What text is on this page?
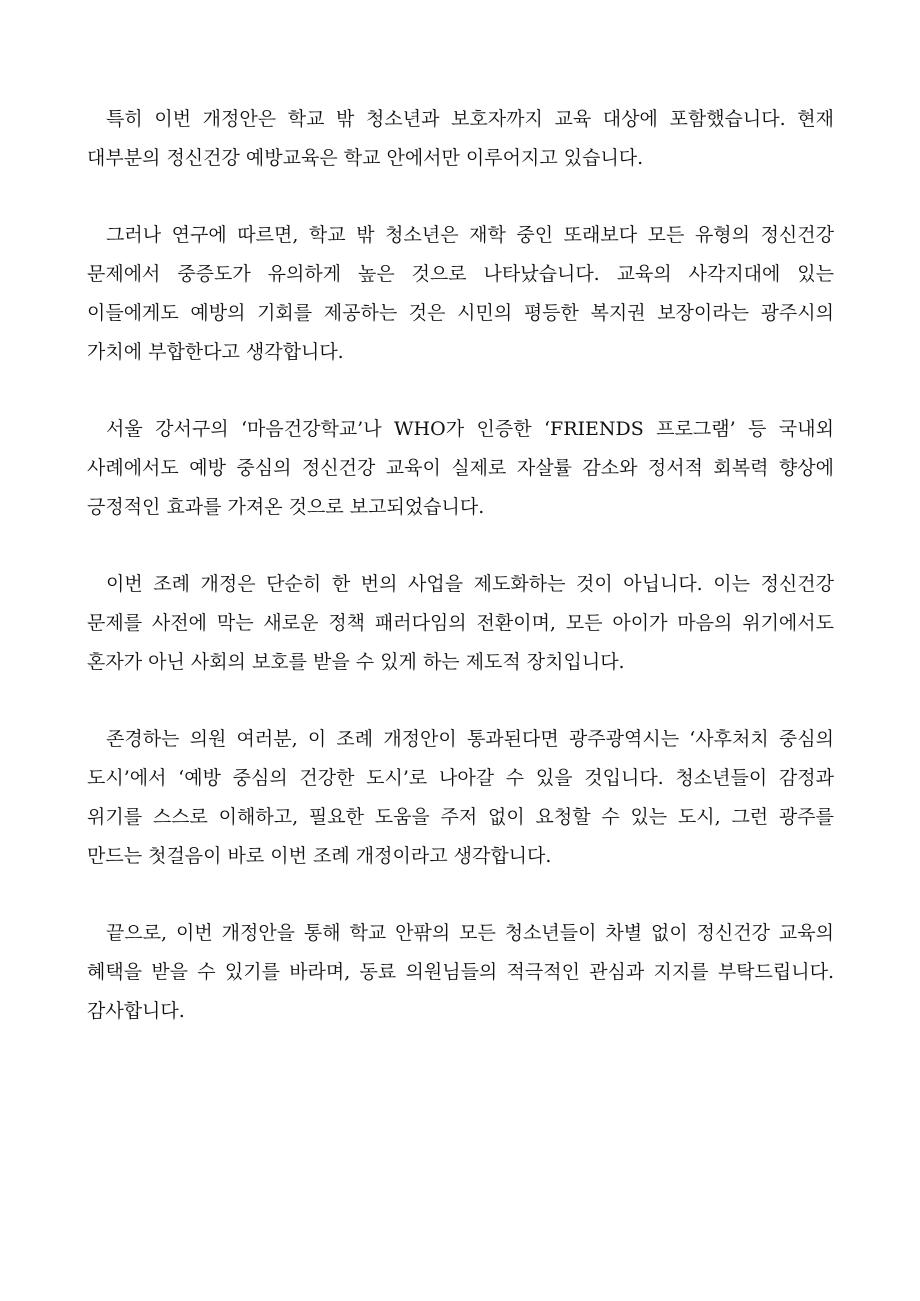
특히 이번 개정안은 학교 밖 청소년과 보호자까지 교육 대상에 포함했습니다. 현재 대부분의 정신건강 예방교육은 학교 안에서만 이루어지고 있습니다.

그러나 연구에 따르면, 학교 밖 청소년은 재학 중인 또래보다 모든 유형의 정신건강 문제에서 중증도가 유의하게 높은 것으로 나타났습니다. 교육의 사각지대에 있는 이들에게도 예방의 기회를 제공하는 것은 시민의 평등한 복지권 보장이라는 광주시의 가치에 부합한다고 생각합니다.

서울 강서구의 ‘마음건강학교’나 WHO가 인증한 ‘FRIENDS 프로그램’ 등 국내외 사례에서도 예방 중심의 정신건강 교육이 실제로 자살률 감소와 정서적 회복력 향상에 긍정적인 효과를 가져온 것으로 보고되었습니다.

이번 조례 개정은 단순히 한 번의 사업을 제도화하는 것이 아닙니다. 이는 정신건강 문제를 사전에 막는 새로운 정책 패러다임의 전환이며, 모든 아이가 마음의 위기에서도 혼자가 아닌 사회의 보호를 받을 수 있게 하는 제도적 장치입니다.

존경하는 의원 여러분, 이 조례 개정안이 통과된다면 광주광역시는 ‘사후처치 중심의 도시’에서 ‘예방 중심의 건강한 도시’로 나아갈 수 있을 것입니다. 청소년들이 감정과 위기를 스스로 이해하고, 필요한 도움을 주저 없이 요청할 수 있는 도시, 그런 광주를 만드는 첫걸음이 바로 이번 조례 개정이라고 생각합니다.

끝으로, 이번 개정안을 통해 학교 안팎의 모든 청소년들이 차별 없이 정신건강 교육의 혜택을 받을 수 있기를 바라며, 동료 의원님들의 적극적인 관심과 지지를 부탁드립니다. 감사합니다.
